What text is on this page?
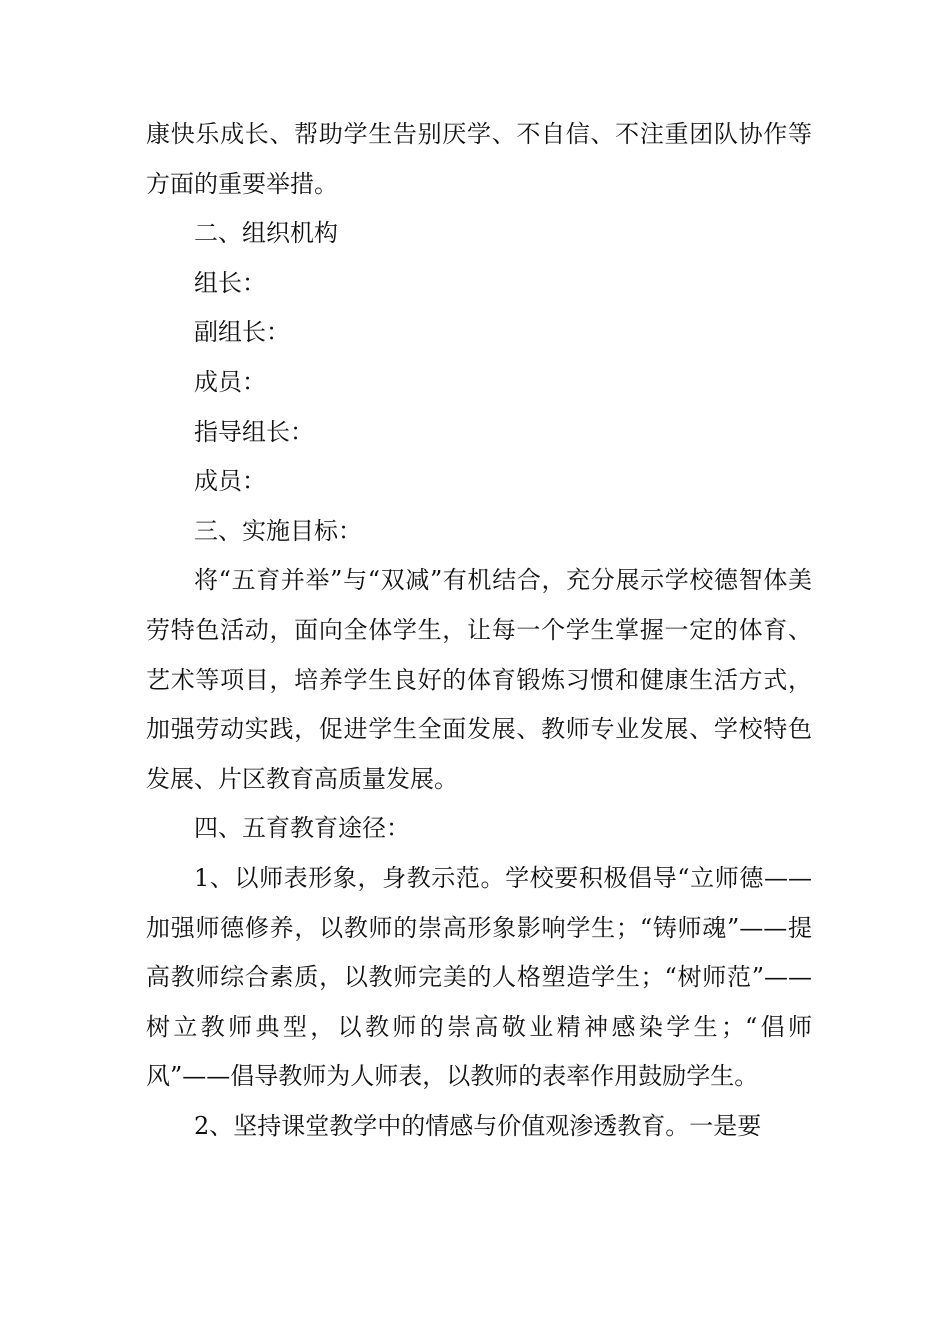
康快乐成长、帮助学生告别厌学、不自信、不注重团队协作等方面的重要举措。

二、组织机构

组长：

副组长：

成员：

指导组长：

成员：

三、实施目标：

将“五育并举”与“双减”有机结合，充分展示学校德智体美劳特色活动，面向全体学生，让每一个学生掌握一定的体育、艺术等项目，培养学生良好的体育锻炼习惯和健康生活方式，加强劳动实践，促进学生全面发展、教师专业发展、学校特色发展、片区教育高质量发展。

四、五育教育途径：

1、以师表形象，身教示范。学校要积极倡导“立师德——加强师德修养，以教师的崇高形象影响学生；“铸师魂”——提高教师综合素质，以教师完美的人格塑造学生；“树师范”——树立教师典型，以教师的崇高敬业精神感染学生；“倡师风”——倡导教师为人师表，以教师的表率作用鼓励学生。

2、坚持课堂教学中的情感与价值观渗透教育。一是要
